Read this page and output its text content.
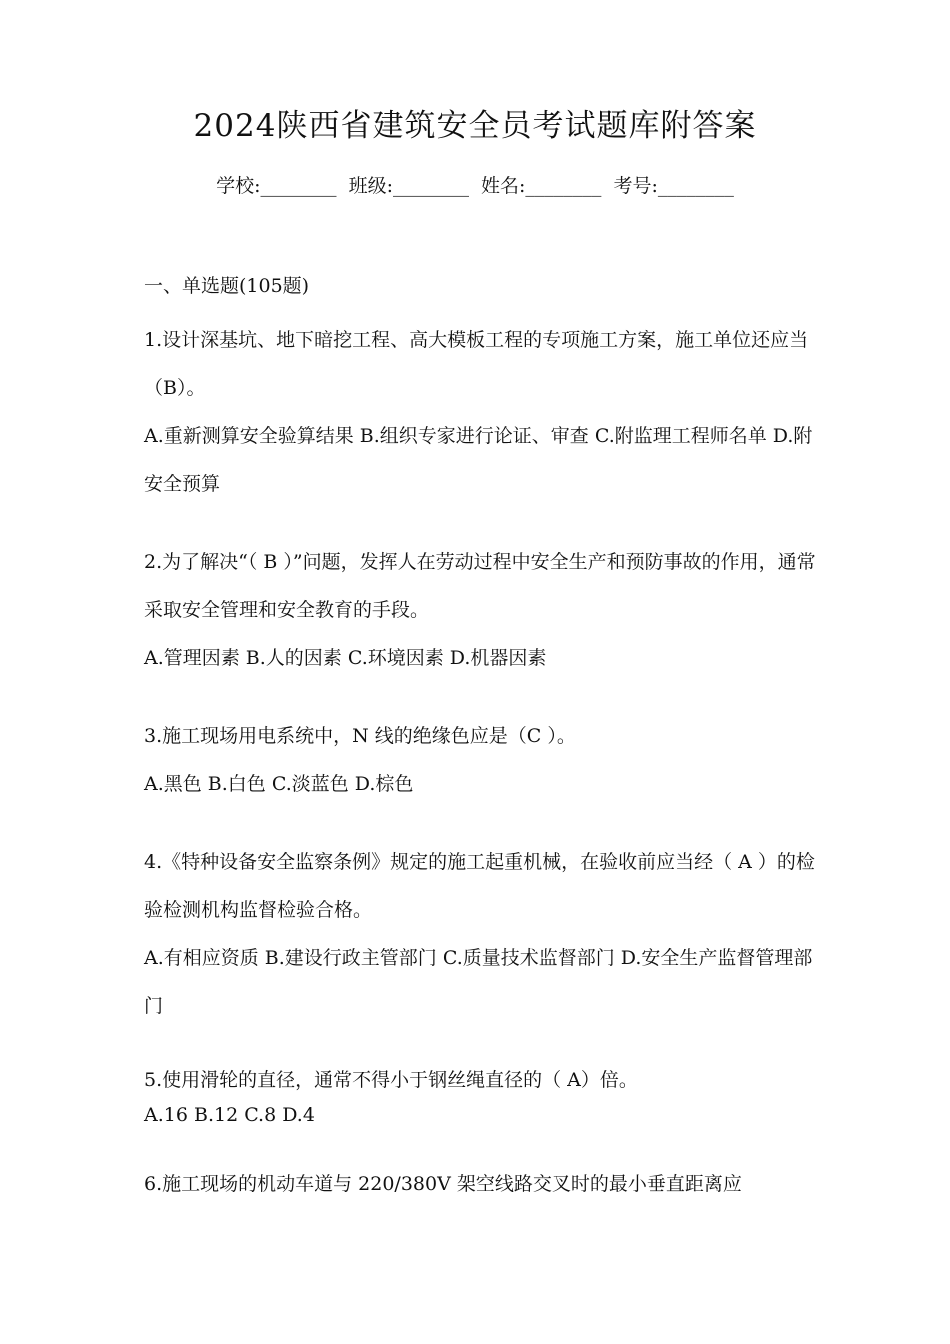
2024陕西省建筑安全员考试题库附答案
学校:________ 班级:________ 姓名:________ 考号:________
一、单选题(105题)

1.设计深基坑、地下暗挖工程、高大模板工程的专项施工方案，施工单位还应当（B）。

A.重新测算安全验算结果 B.组织专家进行论证、审查 C.附监理工程师名单 D.附安全预算

2.为了解决“（ B ）”问题，发挥人在劳动过程中安全生产和预防事故的作用，通常采取安全管理和安全教育的手段。

A.管理因素 B.人的因素 C.环境因素 D.机器因素

3.施工现场用电系统中，N 线的绝缘色应是（C ）。

A.黑色 B.白色 C.淡蓝色 D.棕色

4.《特种设备安全监察条例》规定的施工起重机械，在验收前应当经（ A ）的检验检测机构监督检验合格。

A.有相应资质 B.建设行政主管部门 C.质量技术监督部门 D.安全生产监督管理部门

5.使用滑轮的直径，通常不得小于钢丝绳直径的（ A）倍。

A.16 B.12 C.8 D.4

6.施工现场的机动车道与 220/380V 架空线路交叉时的最小垂直距离应
